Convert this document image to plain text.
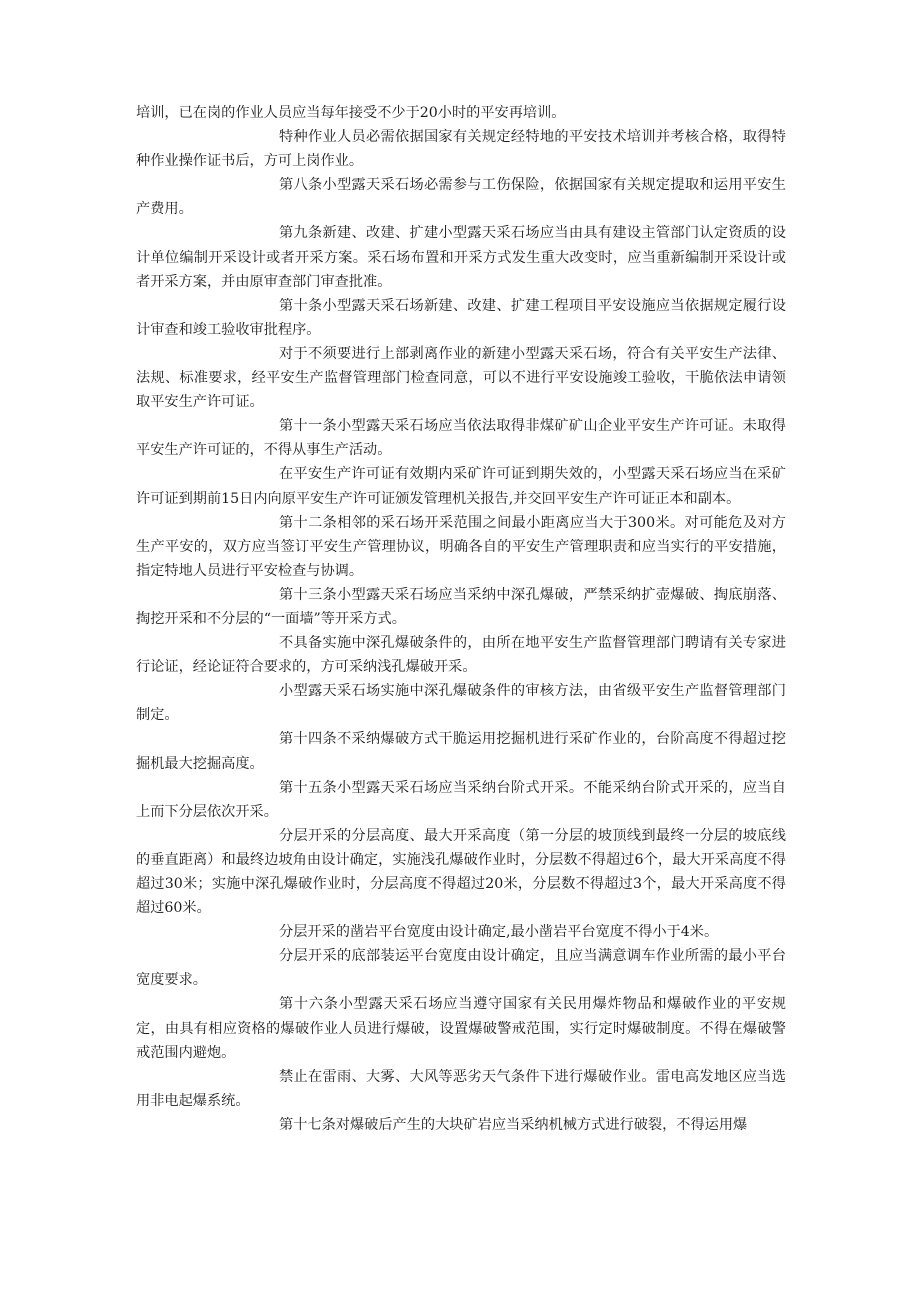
培训，已在岗的作业人员应当每年接受不少于20小时的平安再培训。

特种作业人员必需依据国家有关规定经特地的平安技术培训并考核合格，取得特种作业操作证书后，方可上岗作业。

第八条小型露天采石场必需参与工伤保险，依据国家有关规定提取和运用平安生产费用。

第九条新建、改建、扩建小型露天采石场应当由具有建设主管部门认定资质的设计单位编制开采设计或者开采方案。采石场布置和开采方式发生重大改变时，应当重新编制开采设计或者开采方案，并由原审查部门审查批准。

第十条小型露天采石场新建、改建、扩建工程项目平安设施应当依据规定履行设计审查和竣工验收审批程序。

对于不须要进行上部剥离作业的新建小型露天采石场，符合有关平安生产法律、法规、标准要求，经平安生产监督管理部门检查同意，可以不进行平安设施竣工验收，干脆依法申请领取平安生产许可证。

第十一条小型露天采石场应当依法取得非煤矿矿山企业平安生产许可证。未取得平安生产许可证的，不得从事生产活动。

在平安生产许可证有效期内采矿许可证到期失效的，小型露天采石场应当在采矿许可证到期前15日内向原平安生产许可证颁发管理机关报告,并交回平安生产许可证正本和副本。

第十二条相邻的采石场开采范围之间最小距离应当大于300米。对可能危及对方生产平安的，双方应当签订平安生产管理协议，明确各自的平安生产管理职责和应当实行的平安措施，指定特地人员进行平安检查与协调。

第十三条小型露天采石场应当采纳中深孔爆破，严禁采纳扩壶爆破、掏底崩落、掏挖开采和不分层的“一面墙”等开采方式。

不具备实施中深孔爆破条件的，由所在地平安生产监督管理部门聘请有关专家进行论证，经论证符合要求的，方可采纳浅孔爆破开采。

小型露天采石场实施中深孔爆破条件的审核方法，由省级平安生产监督管理部门制定。

第十四条不采纳爆破方式干脆运用挖掘机进行采矿作业的，台阶高度不得超过挖掘机最大挖掘高度。

第十五条小型露天采石场应当采纳台阶式开采。不能采纳台阶式开采的，应当自上而下分层依次开采。

分层开采的分层高度、最大开采高度（第一分层的坡顶线到最终一分层的坡底线的垂直距离）和最终边坡角由设计确定，实施浅孔爆破作业时，分层数不得超过6个，最大开采高度不得超过30米；实施中深孔爆破作业时，分层高度不得超过20米，分层数不得超过3个，最大开采高度不得超过60米。

分层开采的凿岩平台宽度由设计确定,最小凿岩平台宽度不得小于4米。

分层开采的底部装运平台宽度由设计确定，且应当满意调车作业所需的最小平台宽度要求。

第十六条小型露天采石场应当遵守国家有关民用爆炸物品和爆破作业的平安规定，由具有相应资格的爆破作业人员进行爆破，设置爆破警戒范围，实行定时爆破制度。不得在爆破警戒范围内避炮。

禁止在雷雨、大雾、大风等恶劣天气条件下进行爆破作业。雷电高发地区应当选用非电起爆系统。

第十七条对爆破后产生的大块矿岩应当采纳机械方式进行破裂，不得运用爆
